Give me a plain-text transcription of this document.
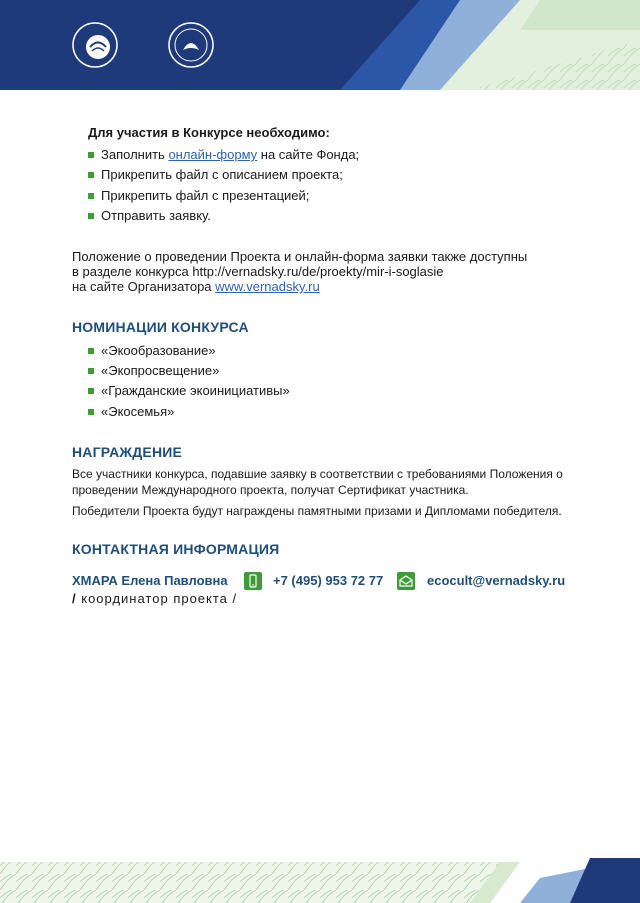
Для участия в Конкурсе необходимо:
Заполнить онлайн-форму на сайте Фонда;
Прикрепить файл с описанием проекта;
Прикрепить файл с презентацией;
Отправить заявку.
Положение о проведении Проекта и онлайн-форма заявки также доступны
в разделе конкурса http://vernadsky.ru/de/proekty/mir-i-soglasie
на сайте Организатора www.vernadsky.ru
НОМИНАЦИИ КОНКУРСА
«Экообразование»
«Экопросвещение»
«Гражданские экоинициативы»
«Экосемья»
НАГРАЖДЕНИЕ
Все участники конкурса, подавшие заявку в соответствии с требованиями Положения о
проведении Международного проекта, получат Сертификат участника.
Победители Проекта будут награждены памятными призами и Дипломами победителя.
КОНТАКТНАЯ ИНФОРМАЦИЯ
ХМАРА Елена Павловна	+7 (495) 953 72 77	ecocult@vernadsky.ru
/ координатор проекта /
